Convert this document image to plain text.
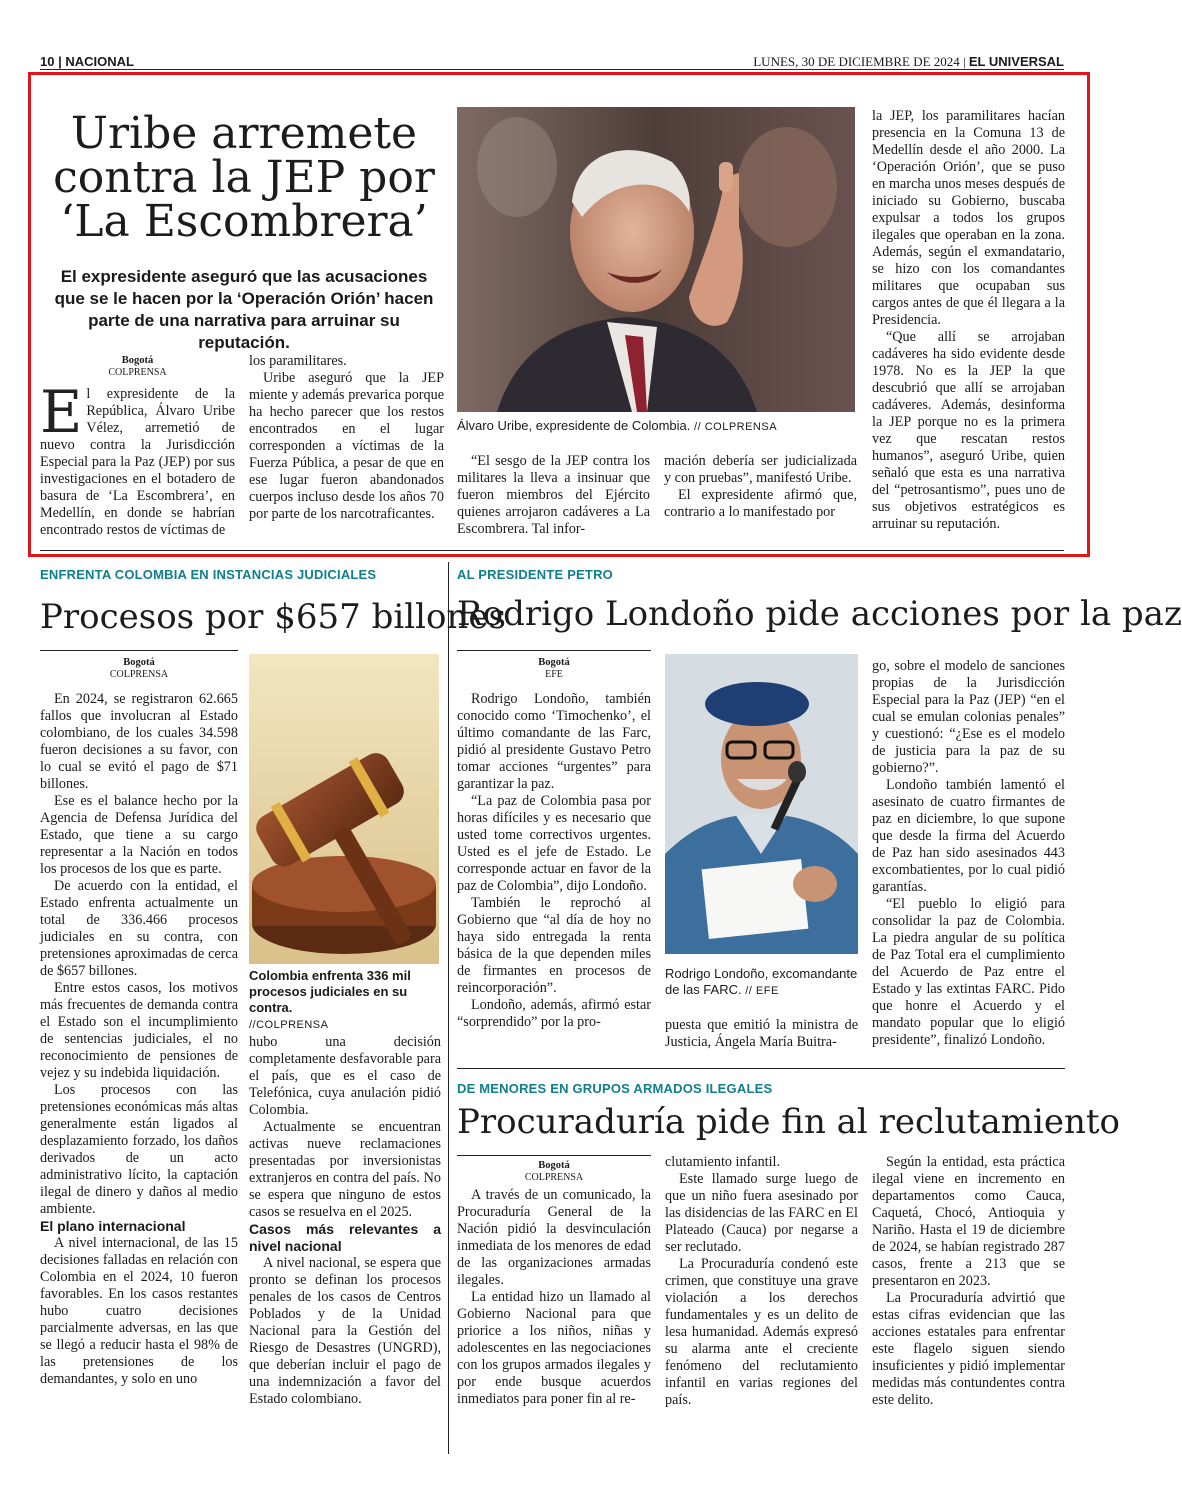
10 | NACIONAL	LUNES, 30 DE DICIEMBRE DE 2024 | EL UNIVERSAL
Uribe arremete
contra la JEP por
‘La Escombrera’
El expresidente aseguró que las acusaciones que se le hacen por la ‘Operación Orión’ hacen parte de una narrativa para arruinar su reputación.
Bogotá
COLPRENSA
El expresidente de la República, Álvaro Uribe Vélez, arremetió de nuevo contra la Jurisdicción Especial para la Paz (JEP) por sus investigaciones en el botadero de basura de ‘La Escombrera’, en Medellín, en donde se habrían encontrado restos de víctimas de

los paramilitares.

Uribe aseguró que la JEP miente y además prevarica porque ha hecho parecer que los restos encontrados en el lugar corresponden a víctimas de la Fuerza Pública, a pesar de que en ese lugar fueron abandonados cuerpos incluso desde los años 70 por parte de los narcotraficantes.

Álvaro Uribe, expresidente de Colombia. // COLPRENSA

“El sesgo de la JEP contra los militares la lleva a insinuar que fueron miembros del Ejército quienes arrojaron cadáveres a La Escombrera. Tal infor-

mación debería ser judicializada y con pruebas”, manifestó Uribe.

El expresidente afirmó que, contrario a lo manifestado por

la JEP, los paramilitares hacían presencia en la Comuna 13 de Medellín desde el año 2000. La ‘Operación Orión’, que se puso en marcha unos meses después de iniciado su Gobierno, buscaba expulsar a todos los grupos ilegales que operaban en la zona. Además, según el exmandatario, se hizo con los comandantes militares que ocupaban sus cargos antes de que él llegara a la Presidencia.

“Que allí se arrojaban cadáveres ha sido evidente desde 1978. No es la JEP la que descubrió que allí se arrojaban cadáveres. Además, desinforma la JEP porque no es la primera vez que rescatan restos humanos”, aseguró Uribe, quien señaló que esta es una narrativa del “petrosantismo”, pues uno de sus objetivos estratégicos es arruinar su reputación.

ENFRENTA COLOMBIA EN INSTANCIAS JUDICIALES
Procesos por $657 billones
Bogotá
COLPRENSA

En 2024, se registraron 62.665 fallos que involucran al Estado colombiano, de los cuales 34.598 fueron decisiones a su favor, con lo cual se evitó el pago de $71 billones.

Ese es el balance hecho por la Agencia de Defensa Jurídica del Estado, que tiene a su cargo representar a la Nación en todos los procesos de los que es parte.

De acuerdo con la entidad, el Estado enfrenta actualmente un total de 336.466 procesos judiciales en su contra, con pretensiones aproximadas de cerca de $657 billones.

Entre estos casos, los motivos más frecuentes de demanda contra el Estado son el incumplimiento de sentencias judiciales, el no reconocimiento de pensiones de vejez y su indebida liquidación.

Los procesos con las pretensiones económicas más altas generalmente están ligados al desplazamiento forzado, los daños derivados de un acto administrativo lícito, la captación ilegal de dinero y daños al medio ambiente.

El plano internacional

A nivel internacional, de las 15 decisiones falladas en relación con Colombia en el 2024, 10 fueron favorables. En los casos restantes hubo cuatro decisiones parcialmente adversas, en las que se llegó a reducir hasta el 98% de las pretensiones de los demandantes, y solo en uno

Colombia enfrenta 336 mil procesos judiciales en su contra.
//COLPRENSA

hubo una decisión completamente desfavorable para el país, que es el caso de Telefónica, cuya anulación pidió Colombia.

Actualmente se encuentran activas nueve reclamaciones presentadas por inversionistas extranjeros en contra del país. No se espera que ninguno de estos casos se resuelva en el 2025.

Casos más relevantes a nivel nacional

A nivel nacional, se espera que pronto se definan los procesos penales de los casos de Centros Poblados y de la Unidad Nacional para la Gestión del Riesgo de Desastres (UNGRD), que deberían incluir el pago de una indemnización a favor del Estado colombiano.

AL PRESIDENTE PETRO
Rodrigo Londoño pide acciones por la paz
Bogotá
EFE

Rodrigo Londoño, también conocido como ‘Timochenko’, el último comandante de las Farc, pidió al presidente Gustavo Petro tomar acciones “urgentes” para garantizar la paz.

“La paz de Colombia pasa por horas difíciles y es necesario que usted tome correctivos urgentes. Usted es el jefe de Estado. Le corresponde actuar en favor de la paz de Colombia”, dijo Londoño.

También le reprochó al Gobierno que “al día de hoy no haya sido entregada la renta básica de la que dependen miles de firmantes en procesos de reincorporación”.

Londoño, además, afirmó estar “sorprendido” por la pro-

Rodrigo Londoño, excomandante de las FARC. // EFE

puesta que emitió la ministra de Justicia, Ángela María Buitra-

go, sobre el modelo de sanciones propias de la Jurisdicción Especial para la Paz (JEP) “en el cual se emulan colonias penales” y cuestionó: “¿Ese es el modelo de justicia para la paz de su gobierno?”.

Londoño también lamentó el asesinato de cuatro firmantes de paz en diciembre, lo que supone que desde la firma del Acuerdo de Paz han sido asesinados 443 excombatientes, por lo cual pidió garantías.

“El pueblo lo eligió para consolidar la paz de Colombia. La piedra angular de su política de Paz Total era el cumplimiento del Acuerdo de Paz entre el Estado y las extintas FARC. Pido que honre el Acuerdo y el mandato popular que lo eligió presidente”, finalizó Londoño.

DE MENORES EN GRUPOS ARMADOS ILEGALES
Procuraduría pide fin al reclutamiento
Bogotá
COLPRENSA

A través de un comunicado, la Procuraduría General de la Nación pidió la desvinculación inmediata de los menores de edad de las organizaciones armadas ilegales.

La entidad hizo un llamado al Gobierno Nacional para que priorice a los niños, niñas y adolescentes en las negociaciones con los grupos armados ilegales y por ende busque acuerdos inmediatos para poner fin al re-

clutamiento infantil.

Este llamado surge luego de que un niño fuera asesinado por las disidencias de las FARC en El Plateado (Cauca) por negarse a ser reclutado.

La Procuraduría condenó este crimen, que constituye una grave violación a los derechos fundamentales y es un delito de lesa humanidad. Además expresó su alarma ante el creciente fenómeno del reclutamiento infantil en varias regiones del país.

Según la entidad, esta práctica ilegal viene en incremento en departamentos como Cauca, Caquetá, Chocó, Antioquia y Nariño. Hasta el 19 de diciembre de 2024, se habían registrado 287 casos, frente a 213 que se presentaron en 2023.

La Procuraduría advirtió que estas cifras evidencian que las acciones estatales para enfrentar este flagelo siguen siendo insuficientes y pidió implementar medidas más contundentes contra este delito.
